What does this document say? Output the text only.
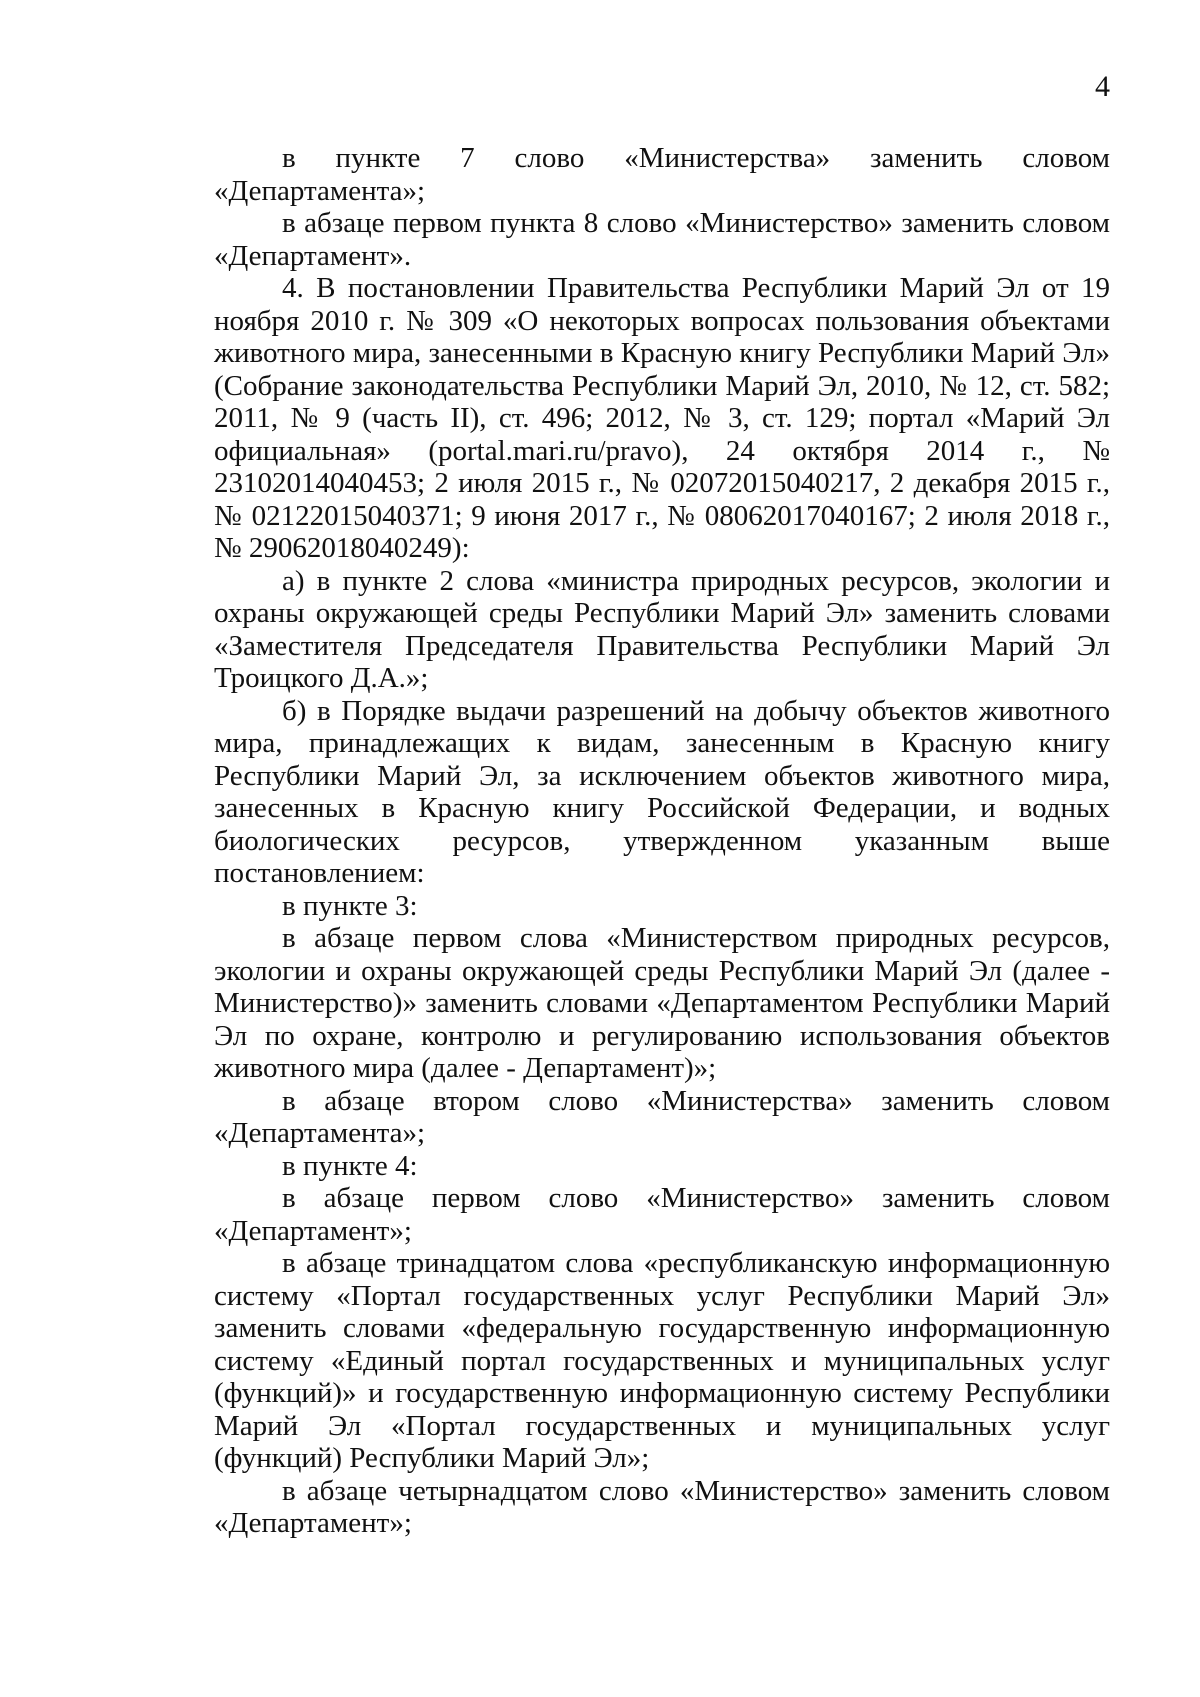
4

в пункте 7 слово «Министерства» заменить словом «Департамента»;

в абзаце первом пункта 8 слово «Министерство» заменить словом «Департамент».

4. В постановлении Правительства Республики Марий Эл от 19 ноября 2010 г. № 309 «О некоторых вопросах пользования объектами животного мира, занесенными в Красную книгу Республики Марий Эл» (Собрание законодательства Республики Марий Эл, 2010, № 12, ст. 582; 2011, № 9 (часть II), ст. 496; 2012, № 3, ст. 129; портал «Марий Эл официальная» (portal.mari.ru/pravo), 24 октября 2014 г., № 23102014040453; 2 июля 2015 г., № 02072015040217, 2 декабря 2015 г., № 02122015040371; 9 июня 2017 г., № 08062017040167; 2 июля 2018 г., № 29062018040249):

а) в пункте 2 слова «министра природных ресурсов, экологии и охраны окружающей среды Республики Марий Эл» заменить словами «Заместителя Председателя Правительства Республики Марий Эл Троицкого Д.А.»;

б) в Порядке выдачи разрешений на добычу объектов животного мира, принадлежащих к видам, занесенным в Красную книгу Республики Марий Эл, за исключением объектов животного мира, занесенных в Красную книгу Российской Федерации, и водных биологических ресурсов, утвержденном указанным выше постановлением:

в пункте 3:

в абзаце первом слова «Министерством природных ресурсов, экологии и охраны окружающей среды Республики Марий Эл (далее - Министерство)» заменить словами «Департаментом Республики Марий Эл по охране, контролю и регулированию использования объектов животного мира (далее - Департамент)»;

в абзаце втором слово «Министерства» заменить словом «Департамента»;

в пункте 4:

в абзаце первом слово «Министерство» заменить словом «Департамент»;

в абзаце тринадцатом слова «республиканскую информационную систему «Портал государственных услуг Республики Марий Эл» заменить словами «федеральную государственную информационную систему «Единый портал государственных и муниципальных услуг (функций)» и государственную информационную систему Республики Марий Эл «Портал государственных и муниципальных услуг (функций) Республики Марий Эл»;

в абзаце четырнадцатом слово «Министерство» заменить словом «Департамент»;
